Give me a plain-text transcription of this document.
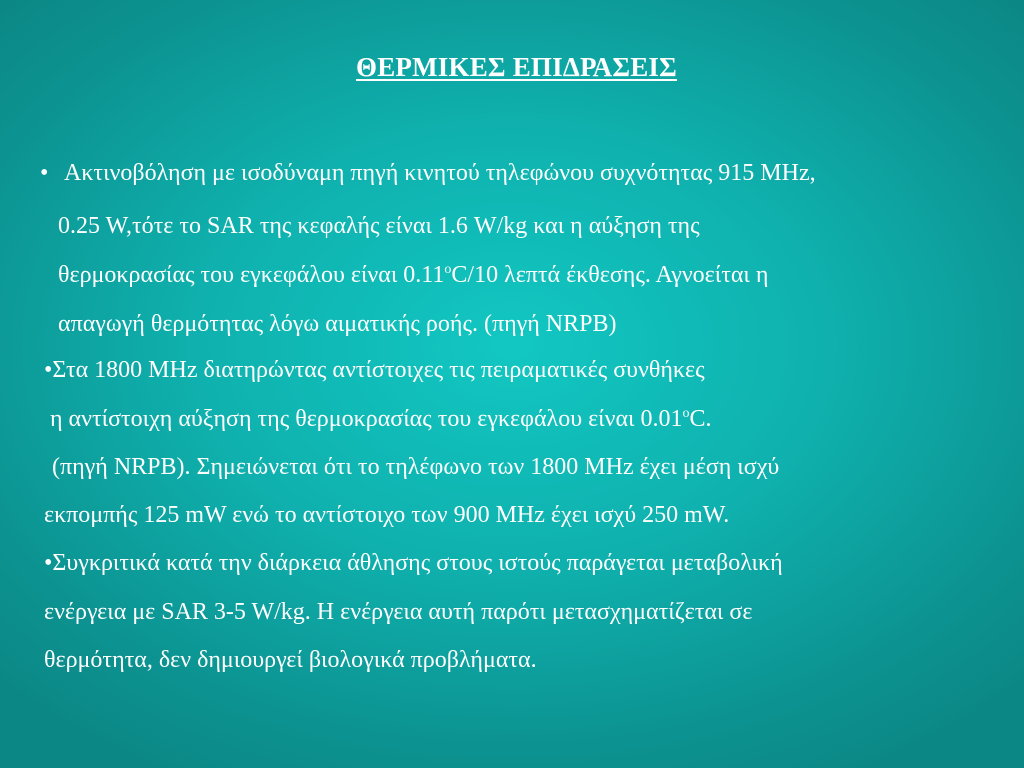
ΘΕΡΜΙΚΕΣ ΕΠΙΔΡΑΣΕΙΣ
• Ακτινοβόληση με ισοδύναμη πηγή κινητού τηλεφώνου συχνότητας 915 MHz,
0.25 W,τότε το SAR της κεφαλής είναι 1.6 W/kg και η αύξηση της
θερμοκρασίας του εγκεφάλου είναι $0.11^oC/10$ λεπτά έκθεσης. Αγνοείται η
απαγωγή θερμότητας λόγω αιματικής ροής. (πηγή NRPB)
•Στα 1800 MHz διατηρώντας αντίστοιχες τις πειραματικές συνθήκες
η αντίστοιχη αύξηση της θερμοκρασίας του εγκεφάλου είναι $0.01^oC$.
(πηγή NRPB). Σημειώνεται ότι το τηλέφωνο των 1800 MHz έχει μέση ισχύ
εκπομπής 125 mW ενώ το αντίστοιχο των 900 MHz έχει ισχύ 250 mW.
•Συγκριτικά κατά την διάρκεια άθλησης στους ιστούς παράγεται μεταβολική
ενέργεια με SAR 3-5 W/kg. Η ενέργεια αυτή παρότι μετασχηματίζεται σε
θερμότητα, δεν δημιουργεί βιολογικά προβλήματα.
